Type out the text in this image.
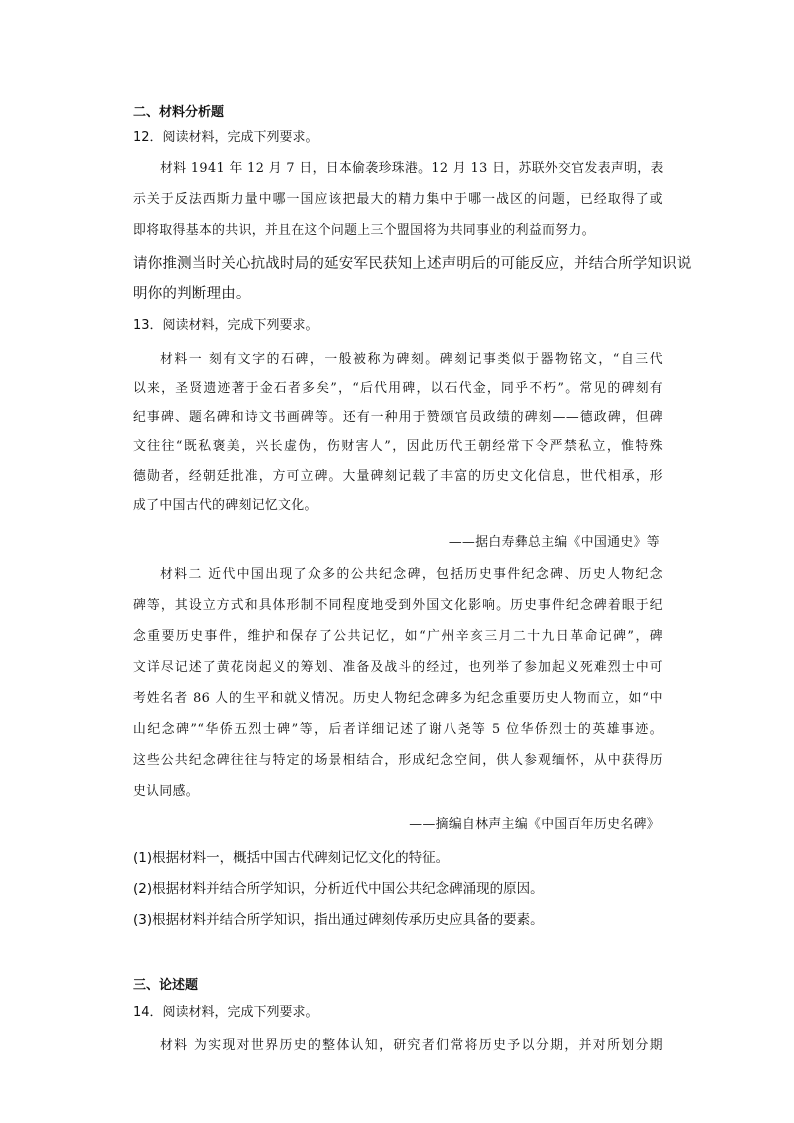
二、材料分析题
12．阅读材料，完成下列要求。
材料 1941 年 12 月 7 日，日本偷袭珍珠港。12 月 13 日，苏联外交官发表声明，表
示关于反法西斯力量中哪一国应该把最大的精力集中于哪一战区的问题，已经取得了或
即将取得基本的共识，并且在这个问题上三个盟国将为共同事业的利益而努力。
请你推测当时关心抗战时局的延安军民获知上述声明后的可能反应，并结合所学知识说
明你的判断理由。
13．阅读材料，完成下列要求。
材料一 刻有文字的石碑，一般被称为碑刻。碑刻记事类似于器物铭文，“自三代
以来，圣贤遗迹著于金石者多矣”，“后代用碑，以石代金，同乎不朽”。常见的碑刻有
纪事碑、题名碑和诗文书画碑等。还有一种用于赞颂官员政绩的碑刻——德政碑，但碑
文往往“既私褒美，兴长虚伪，伤财害人”，因此历代王朝经常下令严禁私立，惟特殊
德勋者，经朝廷批准，方可立碑。大量碑刻记载了丰富的历史文化信息，世代相承，形
成了中国古代的碑刻记忆文化。
——据白寿彝总主编《中国通史》等
材料二 近代中国出现了众多的公共纪念碑，包括历史事件纪念碑、历史人物纪念
碑等，其设立方式和具体形制不同程度地受到外国文化影响。历史事件纪念碑着眼于纪
念重要历史事件，维护和保存了公共记忆，如“广州辛亥三月二十九日革命记碑”，碑
文详尽记述了黄花岗起义的筹划、准备及战斗的经过，也列举了参加起义死难烈士中可
考姓名者 86 人的生平和就义情况。历史人物纪念碑多为纪念重要历史人物而立，如“中
山纪念碑”“华侨五烈士碑”等，后者详细记述了谢八尧等 5 位华侨烈士的英雄事迹。
这些公共纪念碑往往与特定的场景相结合，形成纪念空间，供人参观缅怀，从中获得历
史认同感。
——摘编自林声主编《中国百年历史名碑》
(1)根据材料一，概括中国古代碑刻记忆文化的特征。
(2)根据材料并结合所学知识，分析近代中国公共纪念碑涌现的原因。
(3)根据材料并结合所学知识，指出通过碑刻传承历史应具备的要素。
三、论述题
14．阅读材料，完成下列要求。
材料 为实现对世界历史的整体认知，研究者们常将历史予以分期，并对所划分期
